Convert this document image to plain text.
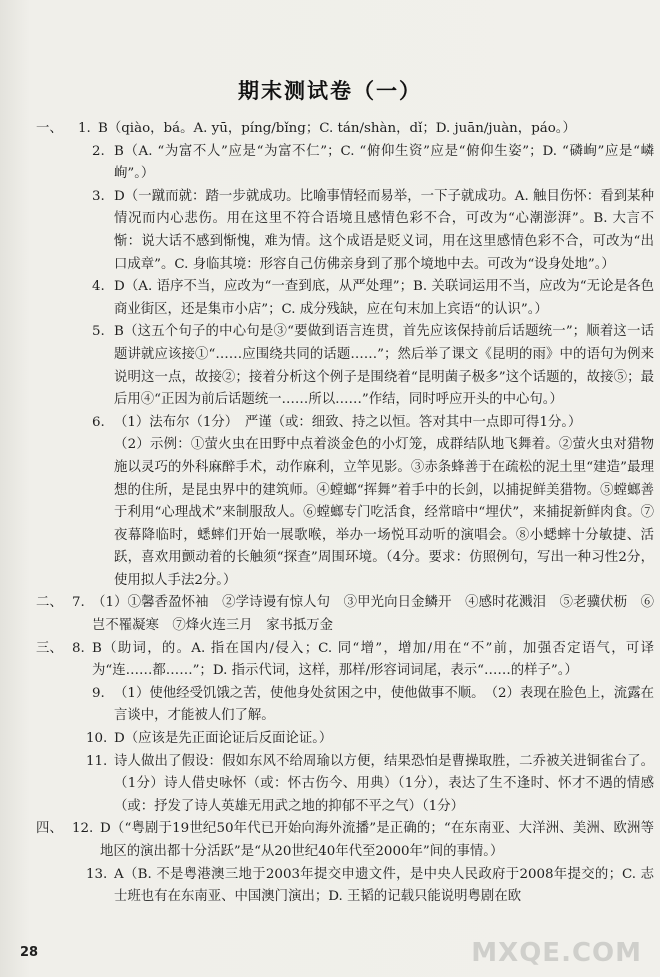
期末测试卷（一）
一、	1. B（qiào，bá。A. yū，píng/bǐng；C. tán/shàn，dǐ；D. juān/juàn，páo。）
2. B（A. “为富不人”应是“为富不仁”；C. “俯仰生资”应是“俯仰生姿”；D. “磷峋”应是“嶙峋”。）
3. D（一蹴而就：踏一步就成功。比喻事情轻而易举，一下子就成功。A. 触目伤怀：看到某种情况而内心悲伤。用在这里不符合语境且感情色彩不合，可改为“心潮澎湃”。B. 大言不惭：说大话不感到惭愧，难为情。这个成语是贬义词，用在这里感情色彩不合，可改为“出口成章”。C. 身临其境：形容自己仿佛亲身到了那个境地中去。可改为“设身处地”。）
4. D（A. 语序不当，应改为“一查到底，从严处理”；B. 关联词运用不当，应改为“无论是各色商业街区，还是集市小店”；C. 成分残缺，应在句末加上宾语“的认识”。）
5. B（这五个句子的中心句是③“要做到语言连贯，首先应该保持前后话题统一”；顺着这一话题讲就应该接①“……应围绕共同的话题……”；然后举了课文《昆明的雨》中的语句为例来说明这一点，故接②；接着分析这个例子是围绕着“昆明菌子极多”这个话题的，故接⑤；最后用④“正因为前后话题统一……所以……”作结，同时呼应开头的中心句。）
6. （1）法布尔（1分）　严谨（或：细致、持之以恒。答对其中一点即可得1分。）
（2）示例：①萤火虫在田野中点着淡金色的小灯笼，成群结队地飞舞着。②萤火虫对猎物施以灵巧的外科麻醉手术，动作麻利，立竿见影。③赤条蜂善于在疏松的泥土里“建造”最理想的住所，是昆虫界中的建筑师。④螳螂“挥舞”着手中的长剑，以捕捉鲜美猎物。⑤螳螂善于利用“心理战术”来制服敌人。⑥螳螂专门吃活食，经常暗中“埋伏”，来捕捉新鲜肉食。⑦夜幕降临时，蟋蟀们开始一展歌喉，举办一场悦耳动听的演唱会。⑧小蟋蟀十分敏捷、活跃，喜欢用颤动着的长触须“探查”周围环境。（4分。要求：仿照例句，写出一种习性2分，使用拟人手法2分。）
二、 7. （1）①馨香盈怀袖　②学诗谩有惊人句　③甲光向日金鳞开　④感时花溅泪　⑤老骥伏枥　⑥岂不罹凝寒　⑦烽火连三月　家书抵万金
三、 8. B（助词，的。A. 指在国内/侵入；C. 同“增”，增加/用在“不”前，加强否定语气，可译为“连……都……”；D. 指示代词，这样，那样/形容词词尾，表示“……的样子”。）
9. （1）使他经受饥饿之苦，使他身处贫困之中，使他做事不顺。　（2）表现在脸色上，流露在言谈中，才能被人们了解。
10. D（应该是先正面论证后反面论证。）
11. 诗人做出了假设：假如东风不给周瑜以方便，结果恐怕是曹操取胜，二乔被关进铜雀台了。（1分）诗人借史咏怀（或：怀古伤今、用典）（1分），表达了生不逢时、怀才不遇的情感（或：抒发了诗人英雄无用武之地的抑郁不平之气）（1分）
四、 12. D（“粤剧于19世纪50年代已开始向海外流播”是正确的；“在东南亚、大洋洲、美洲、欧洲等地区的演出都十分活跃”是“从20世纪40年代至2000年”间的事情。）
13. A（B. 不是粤港澳三地于2003年提交申遗文件，是中央人民政府于2008年提交的；C. 志士班也有在东南亚、中国澳门演出；D. 王韬的记载只能说明粤剧在欧
28	MXQE.COM
